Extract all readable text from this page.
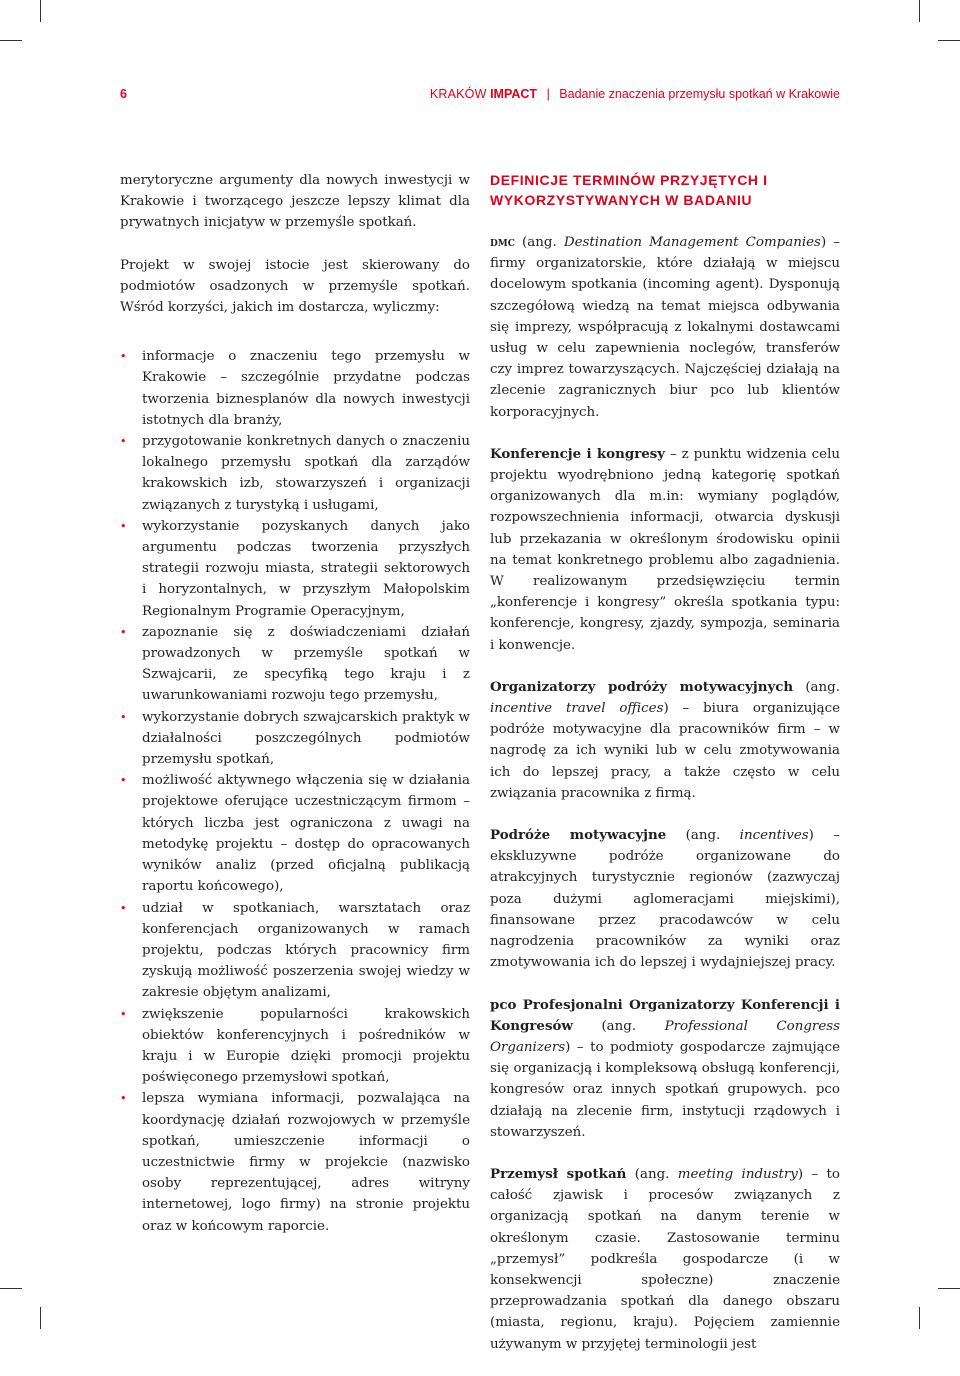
6	KRAKÓW IMPACT | Badanie znaczenia przemysłu spotkań w Krakowie

merytoryczne argumenty dla nowych inwestycji w Krakowie i tworzącego jeszcze lepszy klimat dla prywatnych inicjatyw w przemyśle spotkań.

Projekt w swojej istocie jest skierowany do podmiotów osadzonych w przemyśle spotkań. Wśród korzyści, jakich im dostarcza, wyliczmy:

• informacje o znaczeniu tego przemysłu w Krakowie – szczególnie przydatne podczas tworzenia biznesplanów dla nowych inwestycji istotnych dla branży,
• przygotowanie konkretnych danych o znaczeniu lokalnego przemysłu spotkań dla zarządów krakowskich izb, stowarzyszeń i organizacji związanych z turystyką i usługami,
• wykorzystanie pozyskanych danych jako argumentu podczas tworzenia przyszłych strategii rozwoju miasta, strategii sektorowych i horyzontalnych, w przyszłym Małopolskim Regionalnym Programie Operacyjnym,
• zapoznanie się z doświadczeniami działań prowadzonych w przemyśle spotkań w Szwajcarii, ze specyfiką tego kraju i z uwarunkowaniami rozwoju tego przemysłu,
• wykorzystanie dobrych szwajcarskich praktyk w działalności poszczególnych podmiotów przemysłu spotkań,
• możliwość aktywnego włączenia się w działania projektowe oferujące uczestniczącym firmom – których liczba jest ograniczona z uwagi na metodykę projektu – dostęp do opracowanych wyników analiz (przed oficjalną publikacją raportu końcowego),
• udział w spotkaniach, warsztatach oraz konferencjach organizowanych w ramach projektu, podczas których pracownicy firm zyskują możliwość poszerzenia swojej wiedzy w zakresie objętym analizami,
• zwiększenie popularności krakowskich obiektów konferencyjnych i pośredników w kraju i w Europie dzięki promocji projektu poświęconego przemysłowi spotkań,
• lepsza wymiana informacji, pozwalająca na koordynację działań rozwojowych w przemyśle spotkań, umieszczenie informacji o uczestnictwie firmy w projekcie (nazwisko osoby reprezentującej, adres witryny internetowej, logo firmy) na stronie projektu oraz w końcowym raporcie.
DEFINICJE TERMINÓW PRZYJĘTYCH I WYKORZYSTYWANYCH W BADANIU

dmc (ang. Destination Management Companies) – firmy organizatorskie, które działają w miejscu docelowym spotkania (incoming agent). Dysponują szczegółową wiedzą na temat miejsca odbywania się imprezy, współpracują z lokalnymi dostawcami usług w celu zapewnienia noclegów, transferów czy imprez towarzyszących. Najczęściej działają na zlecenie zagranicznych biur pco lub klientów korporacyjnych.

Konferencje i kongresy – z punktu widzenia celu projektu wyodrębniono jedną kategorię spotkań organizowanych dla m.in: wymiany poglądów, rozpowszechnienia informacji, otwarcia dyskusji lub przekazania w określonym środowisku opinii na temat konkretnego problemu albo zagadnienia. W realizowanym przedsięwzięciu termin „konferencje i kongresy” określa spotkania typu: konferencje, kongresy, zjazdy, sympozja, seminaria i konwencje.

Organizatorzy podróży motywacyjnych (ang. incentive travel offices) – biura organizujące podróże motywacyjne dla pracowników firm – w nagrodę za ich wyniki lub w celu zmotywowania ich do lepszej pracy, a także często w celu związania pracownika z firmą.

Podróże motywacyjne (ang. incentives) – ekskluzywne podróże organizowane do atrakcyjnych turystycznie regionów (zazwyczaj poza dużymi aglomeracjami miejskimi), finansowane przez pracodawców w celu nagrodzenia pracowników za wyniki oraz zmotywowania ich do lepszej i wydajniejszej pracy.

pco Profesjonalni Organizatorzy Konferencji i Kongresów (ang. Professional Congress Organizers) – to podmioty gospodarcze zajmujące się organizacją i kompleksową obsługą konferencji, kongresów oraz innych spotkań grupowych. pco działają na zlecenie firm, instytucji rządowych i stowarzyszeń.

Przemysł spotkań (ang. meeting industry) – to całość zjawisk i procesów związanych z organizacją spotkań na danym terenie w określonym czasie. Zastosowanie terminu „przemysł” podkreśla gospodarcze (i w konsekwencji społeczne) znaczenie przeprowadzania spotkań dla danego obszaru (miasta, regionu, kraju). Pojęciem zamiennie używanym w przyjętej terminologii jest
